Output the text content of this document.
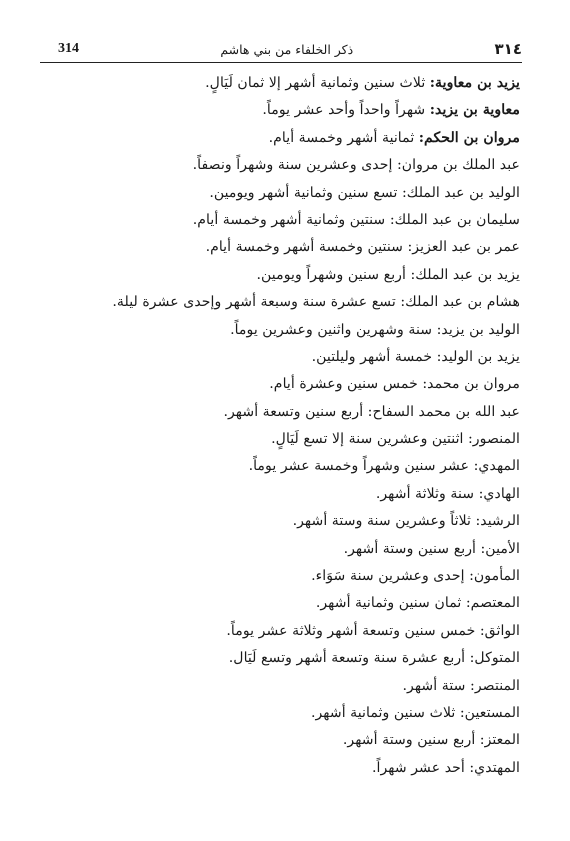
314	ذكر الخلفاء من بني هاشم	٣١٤
يزيد بن معاوية: ثلاث سنين وثمانية أشهر إلا ثمان لَيَالٍ.
معاوية بن يزيد: شهراً واحداً وأحد عشر يوماً.
مروان بن الحكم: ثمانية أشهر وخمسة أيام.
عبد الملك بن مروان: إحدى وعشرين سنة وشهراً ونصفاً.
الوليد بن عبد الملك: تسع سنين وثمانية أشهر ويومين.
سليمان بن عبد الملك: سنتين وثمانية أشهر وخمسة أيام.
عمر بن عبد العزيز: سنتين وخمسة أشهر وخمسة أيام.
يزيد بن عبد الملك: أربع سنين وشهراً ويومين.
هشام بن عبد الملك: تسع عشرة سنة وسبعة أشهر وإحدى عشرة ليلة.
الوليد بن يزيد: سنة وشهرين واثنين وعشرين يوماً.
يزيد بن الوليد: خمسة أشهر وليلتين.
مروان بن محمد: خمس سنين وعشرة أيام.
عبد الله بن محمد السفاح: أربع سنين وتسعة أشهر.
المنصور: اثنتين وعشرين سنة إلا تسع لَيَالٍ.
المهدي: عشر سنين وشهراً وخمسة عشر يوماً.
الهادي: سنة وثلاثة أشهر.
الرشيد: ثلاثاً وعشرين سنة وستة أشهر.
الأمين: أربع سنين وستة أشهر.
المأمون: إحدى وعشرين سنة سَوَاء.
المعتصم: ثمان سنين وثمانية أشهر.
الواثق: خمس سنين وتسعة أشهر وثلاثة عشر يوماً.
المتوكل: أربع عشرة سنة وتسعة أشهر وتسع لَيَال.
المنتصر: ستة أشهر.
المستعين: ثلاث سنين وثمانية أشهر.
المعتز: أربع سنين وستة أشهر.
المهتدي: أحد عشر شهراً.
